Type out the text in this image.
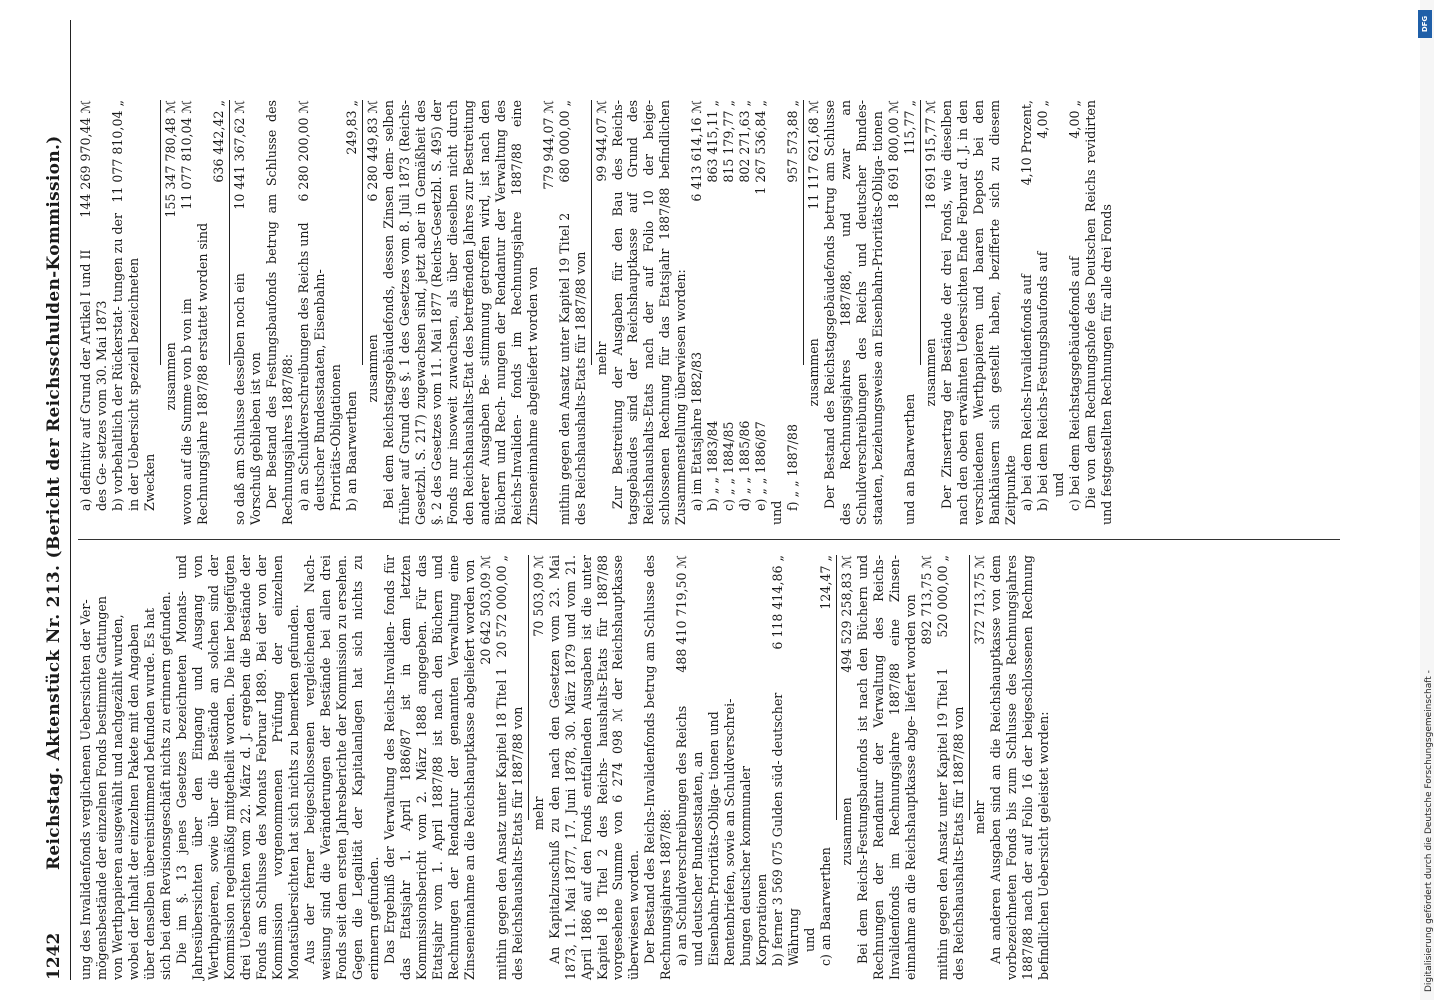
1242
Reichstag. Aktenstück Nr. 213. (Bericht der Reichsschulden-Kommission.) ung des Invalidenfonds verglichenen Uebersichten der Ver- mögensbestände der einzelnen Fonds bestimmte Gattungen von Werthpapieren ausgewählt und nachgezählt wurden, wobei der Inhalt der einzelnen Pakete mit den Angaben über denselben übereinstimmend befunden wurde. Es hat sich bei dem Revisionsgeschäft nichts zu erinnern gefunden. Die im §. 13 jenes Gesetzes bezeichneten Monats- und Jahresübersichten über den Eingang und Ausgang von Werthpapieren, sowie über die Bestände an solchen sind der Kommission regelmäßig mitgetheilt worden. Die hier beigefügten drei Uebersichten vom 22. März d. J. ergeben die Bestände der Fonds am Schlusse des Monats Februar 1889. Bei der von der Kommission vorgenommenen Prüfung der einzelnen Monatsübersichten hat sich nichts zu bemerken gefunden. Aus der ferner beigeschlossenen vergleichenden Nach- weisung sind die Veränderungen der Bestände bei allen drei Fonds seit dem ersten Jahresberichte der Kommission zu ersehen. Gegen die Legalität der Kapitalanlagen hat sich nichts zu erinnern gefunden. Das Ergebniß der Verwaltung des Reichs-Invaliden- fonds für das Etatsjahr 1. April 1886/87 ist in dem letzten Kommissionsbericht vom 2. März 1888 angegeben. Für das Etatsjahr vom 1. April 1887/88 ist nach den Büchern und Rechnungen der Rendantur der genannten Verwaltung eine Zinseneinnahme an die Reichshauptkasse abgeliefert worden von 20 642 503,09 ℳ
mithin gegen den Ansatz unter Kapitel 18 Titel 1 des Reichshaushalts-Etats für 1887/88 von
20 572 000,00 „
mehr
70 503,09 ℳ An Kapitalzuschuß zu den nach den Gesetzen vom 23. Mai 1873, 11. Mai 1877, 17. Juni 1878, 30. März 1879 und vom 21. April 1886 auf den Fonds entfallenden Ausgaben ist die unter Kapitel 18 Titel 2 des Reichs- haushalts-Etats für 1887/88 vorgesehene Summe von 6 274 098 ℳ der Reichshauptkasse überwiesen worden. Der Bestand des Reichs-Invalidenfonds betrug am Schlusse des Rechnungsjahres 1887/88: a) an Schuldverschreibungen des Reichs und deutscher Bundesstaaten, an Eisenbahn-Prioritäts-Obliga- tionen und Rentenbriefen, sowie an Schuldverschrei- bungen deutscher kommunaler Korporationen
488 410 719,50 ℳ
b) ferner 3 569 075 Gulden süd- deutscher Währung
6 118 414,86 „
und c) an Baarwerthen
124,47 „
zusammen
494 529 258,83 ℳ Bei dem Reichs-Festungsbaufonds ist nach den Büchern und Rechnungen der Rendantur der Verwaltung des Reichs- Invalidenfonds im Rechnungsjahre 1887/88 eine Zinsen- einnahme an die Reichshauptkasse abge- liefert worden von 892 713,75 ℳ
mithin gegen den Ansatz unter Kapitel 19 Titel 1 des Reichshaushalts-Etats für 1887/88 von
520 000,00 „
mehr
372 713,75 ℳ An anderen Ausgaben sind an die Reichshauptkasse von dem vorbezeichneten Fonds bis zum Schlusse des Rechnungsjahres 1887/88 nach der auf Folio 16 der beigeschlossenen Rechnung befindlichen Uebersicht geleistet worden:

a) definitiv auf Grund der Artikel I und II des Ge- setzes vom 30. Mai 1873
144 269 970,44 ℳ
b) vorbehaltlich der Rückerstat- tungen zu der in der Uebersicht speziell bezeichneten Zwecken
11 077 810,04 „
zusammen
155 347 780,48 ℳ
wovon auf die Summe von b von im Rechnungsjahre 1887/88 erstattet worden sind
11 077 810,04 ℳ 636 442,42 „
so daß am Schlusse desselben noch ein Vorschuß geblieben ist von
10 441 367,62 ℳ Der Bestand des Festungsbaufonds betrug am Schlusse des Rechnungsjahres 1887/88: a) an Schuldverschreibungen des Reichs und deutscher Bundesstaaten, Eisenbahn- Prioritäts-Obligationen
6 280 200,00 ℳ
b) an Baarwerthen
249,83 „
zusammen
6 280 449,83 ℳ Bei dem Reichstagsgebäudefonds, dessen Zinsen dem- selben früher auf Grund des §. 1 des Gesetzes vom 8. Juli 1873 (Reichs-Gesetzbl. S. 217) zugewachsen sind, jetzt aber in Gemäßheit des §. 2 des Gesetzes vom 11. Mai 1877 (Reichs-Gesetzbl. S. 495) der Fonds nur insoweit zuwachsen, als über dieselben nicht durch den Reichshaushalts-Etat des betreffenden Jahres zur Bestreitung anderer Ausgaben Be- stimmung getroffen wird, ist nach den Büchern und Rech- nungen der Rendantur der Verwaltung des Reichs-Invaliden- fonds im Rechnungsjahre 1887/88 eine Zinseneinnahme abgeliefert worden von

779 944,07 ℳ
mithin gegen den Ansatz unter Kapitel 19 Titel 2 des Reichshaushalts-Etats für 1887/88 von
680 000,00 „
mehr
99 944,07 ℳ Zur Bestreitung der Ausgaben für den Bau des Reichs- tagsgebäudes sind der Reichshauptkasse auf Grund des Reichshaushalts-Etats nach der auf Folio 10 der beige- schlossenen Rechnung für das Etatsjahr 1887/88 befindlichen Zusammenstellung überwiesen worden: a) im Etatsjahre 1882/83
6 413 614,16 ℳ
b) „ „ 1883/84
863 415,11 „
c) „ „ 1884/85
815 179,77 „
d) „ „ 1885/86
802 271,63 „
e) „ „ 1886/87
1 267 536,84 „
und
f) „ „ 1887/88
957 573,88 „
zusammen
11 117 621,68 ℳ Der Bestand des Reichstagsgebäudefonds betrug am Schlusse des Rechnungsjahres 1887/88, und zwar an Schuldverschreibungen des Reichs und deutscher Bundes- staaten, beziehungsweise an Eisenbahn-Prioritäts-Obliga- tionen 18 691 800,00 ℳ
und an Baarwerthen
115,77 „
zusammen
18 691 915,77 ℳ Der Zinsertrag der Bestände der drei Fonds, wie dieselben nach den oben erwähnten Uebersichten Ende Februar d. J. in den verschiedenen Werthpapieren und baaren Depots bei den Bankhäusern sich gestellt haben, bezifferte sich zu diesem Zeitpunkte a) bei dem Reichs-Invalidenfonds auf
4,10 Prozent,
b) bei dem Reichs-Festungsbaufonds auf
4,00 „
und c) bei dem Reichstagsgebäudefonds auf
4,00 „ Die von dem Rechnungshofe des Deutschen Reichs revidirten und festgestellten Rechnungen für alle drei Fonds

Digitalisierung gefördert durch die Deutsche Forschungsgemeinschaft -
DFG
